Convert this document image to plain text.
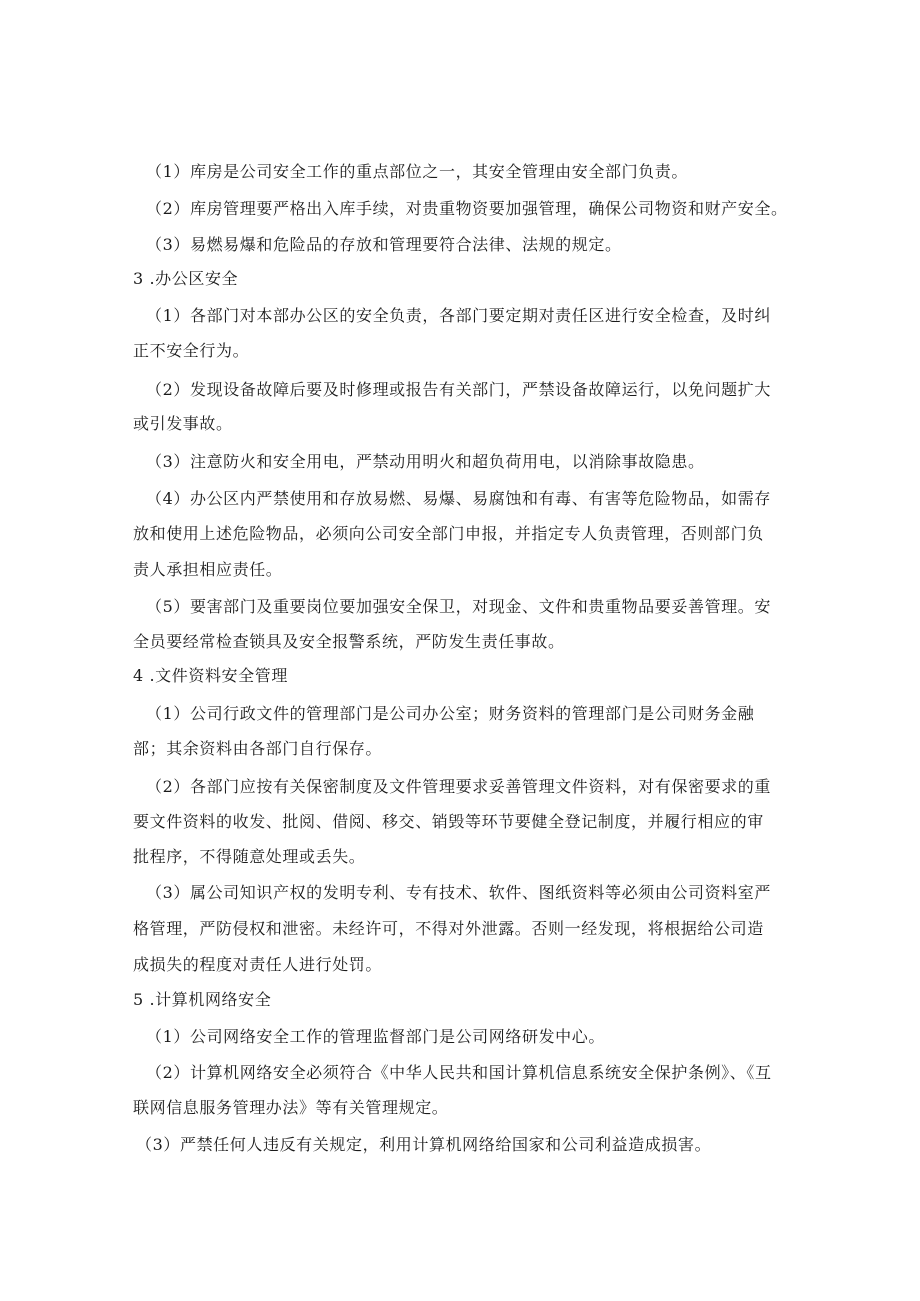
（1）库房是公司安全工作的重点部位之一，其安全管理由安全部门负责。
（2）库房管理要严格出入库手续，对贵重物资要加强管理，确保公司物资和财产安全。
（3）易燃易爆和危险品的存放和管理要符合法律、法规的规定。
3 .办公区安全
（1）各部门对本部办公区的安全负责，各部门要定期对责任区进行安全检查，及时纠
正不安全行为。
（2）发现设备故障后要及时修理或报告有关部门，严禁设备故障运行，以免问题扩大
或引发事故。
（3）注意防火和安全用电，严禁动用明火和超负荷用电，以消除事故隐患。
（4）办公区内严禁使用和存放易燃、易爆、易腐蚀和有毒、有害等危险物品，如需存
放和使用上述危险物品，必须向公司安全部门申报，并指定专人负责管理，否则部门负
责人承担相应责任。
（5）要害部门及重要岗位要加强安全保卫，对现金、文件和贵重物品要妥善管理。安
全员要经常检查锁具及安全报警系统，严防发生责任事故。
4 .文件资料安全管理
（1）公司行政文件的管理部门是公司办公室；财务资料的管理部门是公司财务金融
部；其余资料由各部门自行保存。
（2）各部门应按有关保密制度及文件管理要求妥善管理文件资料，对有保密要求的重
要文件资料的收发、批阅、借阅、移交、销毁等环节要健全登记制度，并履行相应的审
批程序，不得随意处理或丢失。
（3）属公司知识产权的发明专利、专有技术、软件、图纸资料等必须由公司资料室严
格管理，严防侵权和泄密。未经许可，不得对外泄露。否则一经发现，将根据给公司造
成损失的程度对责任人进行处罚。
5 .计算机网络安全
（1）公司网络安全工作的管理监督部门是公司网络研发中心。
（2）计算机网络安全必须符合《中华人民共和国计算机信息系统安全保护条例》、《互
联网信息服务管理办法》等有关管理规定。
（3）严禁任何人违反有关规定，利用计算机网络给国家和公司利益造成损害。
